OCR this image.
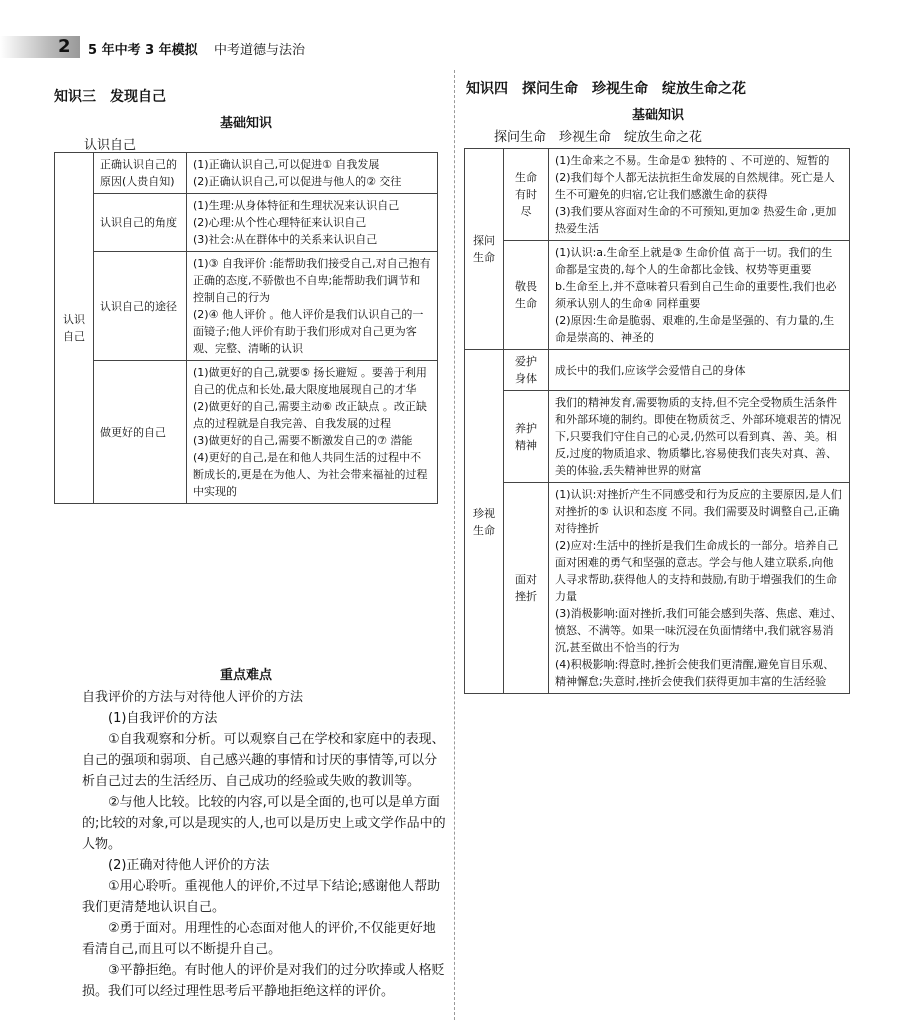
2 5 年中考 3 年模拟 中考道德与法治
知识三　发现自己
基础知识
认识自己
认识自己	正确认识自己的原因(人贵自知)	(1)正确认识自己,可以促进① 自我发展

(2)正确认识自己,可以促进与他人的② 交往

	认识自己的角度	(1)生理:从身体特征和生理状况来认识自己

(2)心理:从个性心理特征来认识自己

(3)社会:从在群体中的关系来认识自己

	认识自己的途径	(1)③ 自我评价 :能帮助我们接受自己,对自己抱有正确的态度,不骄傲也不自卑;能帮助我们调节和控制自己的行为

(2)④ 他人评价 。他人评价是我们认识自己的一面镜子;他人评价有助于我们形成对自己更为客观、完整、清晰的认识

	做更好的自己	(1)做更好的自己,就要⑤ 扬长避短 。要善于利用自己的优点和长处,最大限度地展现自己的才华

(2)做更好的自己,需要主动⑥ 改正缺点 。改正缺点的过程就是自我完善、自我发展的过程

(3)做更好的自己,需要不断激发自己的⑦ 潜能

(4)更好的自己,是在和他人共同生活的过程中不断成长的,更是在为他人、为社会带来福祉的过程中实现的

重点难点
自我评价的方法与对待他人评价的方法

(1)自我评价的方法

①自我观察和分析。可以观察自己在学校和家庭中的表现、自己的强项和弱项、自己感兴趣的事情和讨厌的事情等,可以分析自己过去的生活经历、自己成功的经验或失败的教训等。

②与他人比较。比较的内容,可以是全面的,也可以是单方面的;比较的对象,可以是现实的人,也可以是历史上或文学作品中的人物。

(2)正确对待他人评价的方法

①用心聆听。重视他人的评价,不过早下结论;感谢他人帮助我们更清楚地认识自己。

②勇于面对。用理性的心态面对他人的评价,不仅能更好地看清自己,而且可以不断提升自己。

③平静拒绝。有时他人的评价是对我们的过分吹捧或人格贬损。我们可以经过理性思考后平静地拒绝这样的评价。

知识四　探问生命　珍视生命　绽放生命之花
基础知识
探问生命　珍视生命　绽放生命之花
探问生命	生命有时尽	(1)生命来之不易。生命是① 独特的 、不可逆的、短暂的

(2)我们每个人都无法抗拒生命发展的自然规律。死亡是人生不可避免的归宿,它让我们感激生命的获得

(3)我们要从容面对生命的不可预知,更加② 热爱生命 ,更加热爱生活

	敬畏生命	(1)认识:a.生命至上就是③ 生命价值 高于一切。我们的生命都是宝贵的,每个人的生命都比金钱、权势等更重要

b.生命至上,并不意味着只看到自己生命的重要性,我们也必须承认别人的生命④ 同样重要

(2)原因:生命是脆弱、艰难的,生命是坚强的、有力量的,生命是崇高的、神圣的

珍视生命	爱护身体	成长中的我们,应该学会爱惜自己的身体

	养护精神	我们的精神发育,需要物质的支持,但不完全受物质生活条件和外部环境的制约。即使在物质贫乏、外部环境艰苦的情况下,只要我们守住自己的心灵,仍然可以看到真、善、美。相反,过度的物质追求、物质攀比,容易使我们丧失对真、善、美的体验,丢失精神世界的财富

	面对挫折	(1)认识:对挫折产生不同感受和行为反应的主要原因,是人们对挫折的⑤ 认识和态度 不同。我们需要及时调整自己,正确对待挫折

(2)应对:生活中的挫折是我们生命成长的一部分。培养自己面对困难的勇气和坚强的意志。学会与他人建立联系,向他人寻求帮助,获得他人的支持和鼓励,有助于增强我们的生命力量

(3)消极影响:面对挫折,我们可能会感到失落、焦虑、难过、愤怒、不满等。如果一味沉浸在负面情绪中,我们就容易消沉,甚至做出不恰当的行为

(4)积极影响:得意时,挫折会使我们更清醒,避免盲目乐观、精神懈怠;失意时,挫折会使我们获得更加丰富的生活经验
